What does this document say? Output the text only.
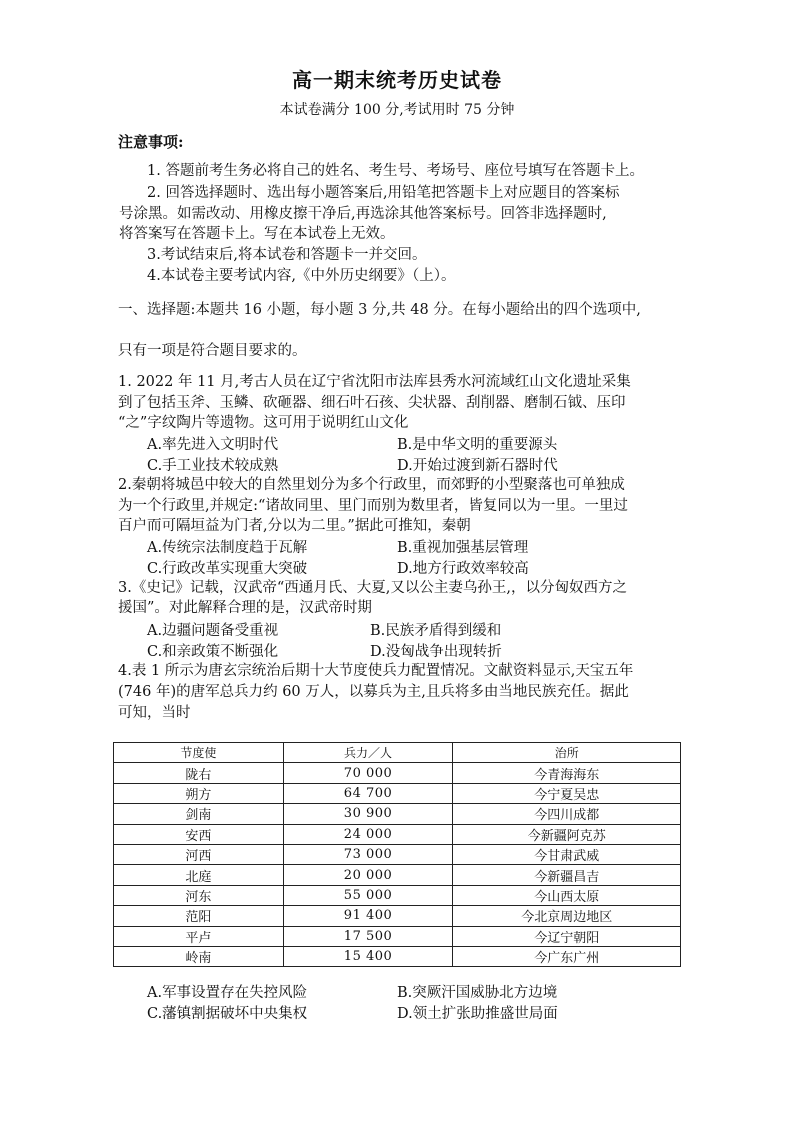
高一期末统考历史试卷
本试卷满分 100 分,考试用时 75 分钟
注意事项:
1. 答题前考生务必将自己的姓名、考生号、考场号、座位号填写在答题卡上。
2. 回答选择题时、选出每小题答案后,用铅笔把答题卡上对应题目的答案标
号涂黑。如需改动、用橡皮擦干净后,再选涂其他答案标号。回答非选择题时,
将答案写在答题卡上。写在本试卷上无效。
3.考试结束后,将本试卷和答题卡一并交回。
4.本试卷主要考试内容,《中外历史纲要》（上）。
一、选择题:本题共 16 小题，每小题 3 分,共 48 分。在每小题给出的四个选项中,
只有一项是符合题目要求的。
1. 2022 年 11 月,考古人员在辽宁省沈阳市法库县秀水河流域红山文化遗址采集
到了包括玉斧、玉鳞、砍砸器、细石叶石孩、尖状器、刮削器、磨制石钺、压印
“之”字纹陶片等遗物。这可用于说明红山文化
A.率先进入文明时代	B.是中华文明的重要源头
C.手工业技术较成熟	D.开始过渡到新石器时代
2.秦朝将城邑中较大的自然里划分为多个行政里，而郊野的小型聚落也可单独成
为一个行政里,并规定:“诸故同里、里门而别为数里者，皆复同以为一里。一里过
百户而可隔垣益为门者,分以为二里。”据此可推知，秦朝
A.传统宗法制度趋于瓦解	B.重视加强基层管理
C.行政改革实现重大突破	D.地方行政效率较高
3.《史记》记载，汉武帝“西通月氏、大夏,又以公主妻乌孙王,，以分匈奴西方之
援国”。对此解释合理的是，汉武帝时期
A.边疆问题备受重视	B.民族矛盾得到缓和
C.和亲政策不断强化	D.没匈战争出现转折
4.表 1 所示为唐玄宗统治后期十大节度使兵力配置情况。文献资料显示,天宝五年
(746 年)的唐军总兵力约 60 万人，以募兵为主,且兵将多由当地民族充任。据此
可知，当时
节度使	兵力／人	治所
陇右	70 000	今青海海东
朔方	64 700	今宁夏吴忠
剑南	30 900	今四川成都
安西	24 000	今新疆阿克苏
河西	73 000	今甘肃武威
北庭	20 000	今新疆昌吉
河东	55 000	今山西太原
范阳	91 400	今北京周边地区
平卢	17 500	今辽宁朝阳
岭南	15 400	今广东广州
A.军事设置存在失控风险	B.突厥汗国威胁北方边境
C.藩镇割据破坏中央集权	D.领土扩张助推盛世局面
